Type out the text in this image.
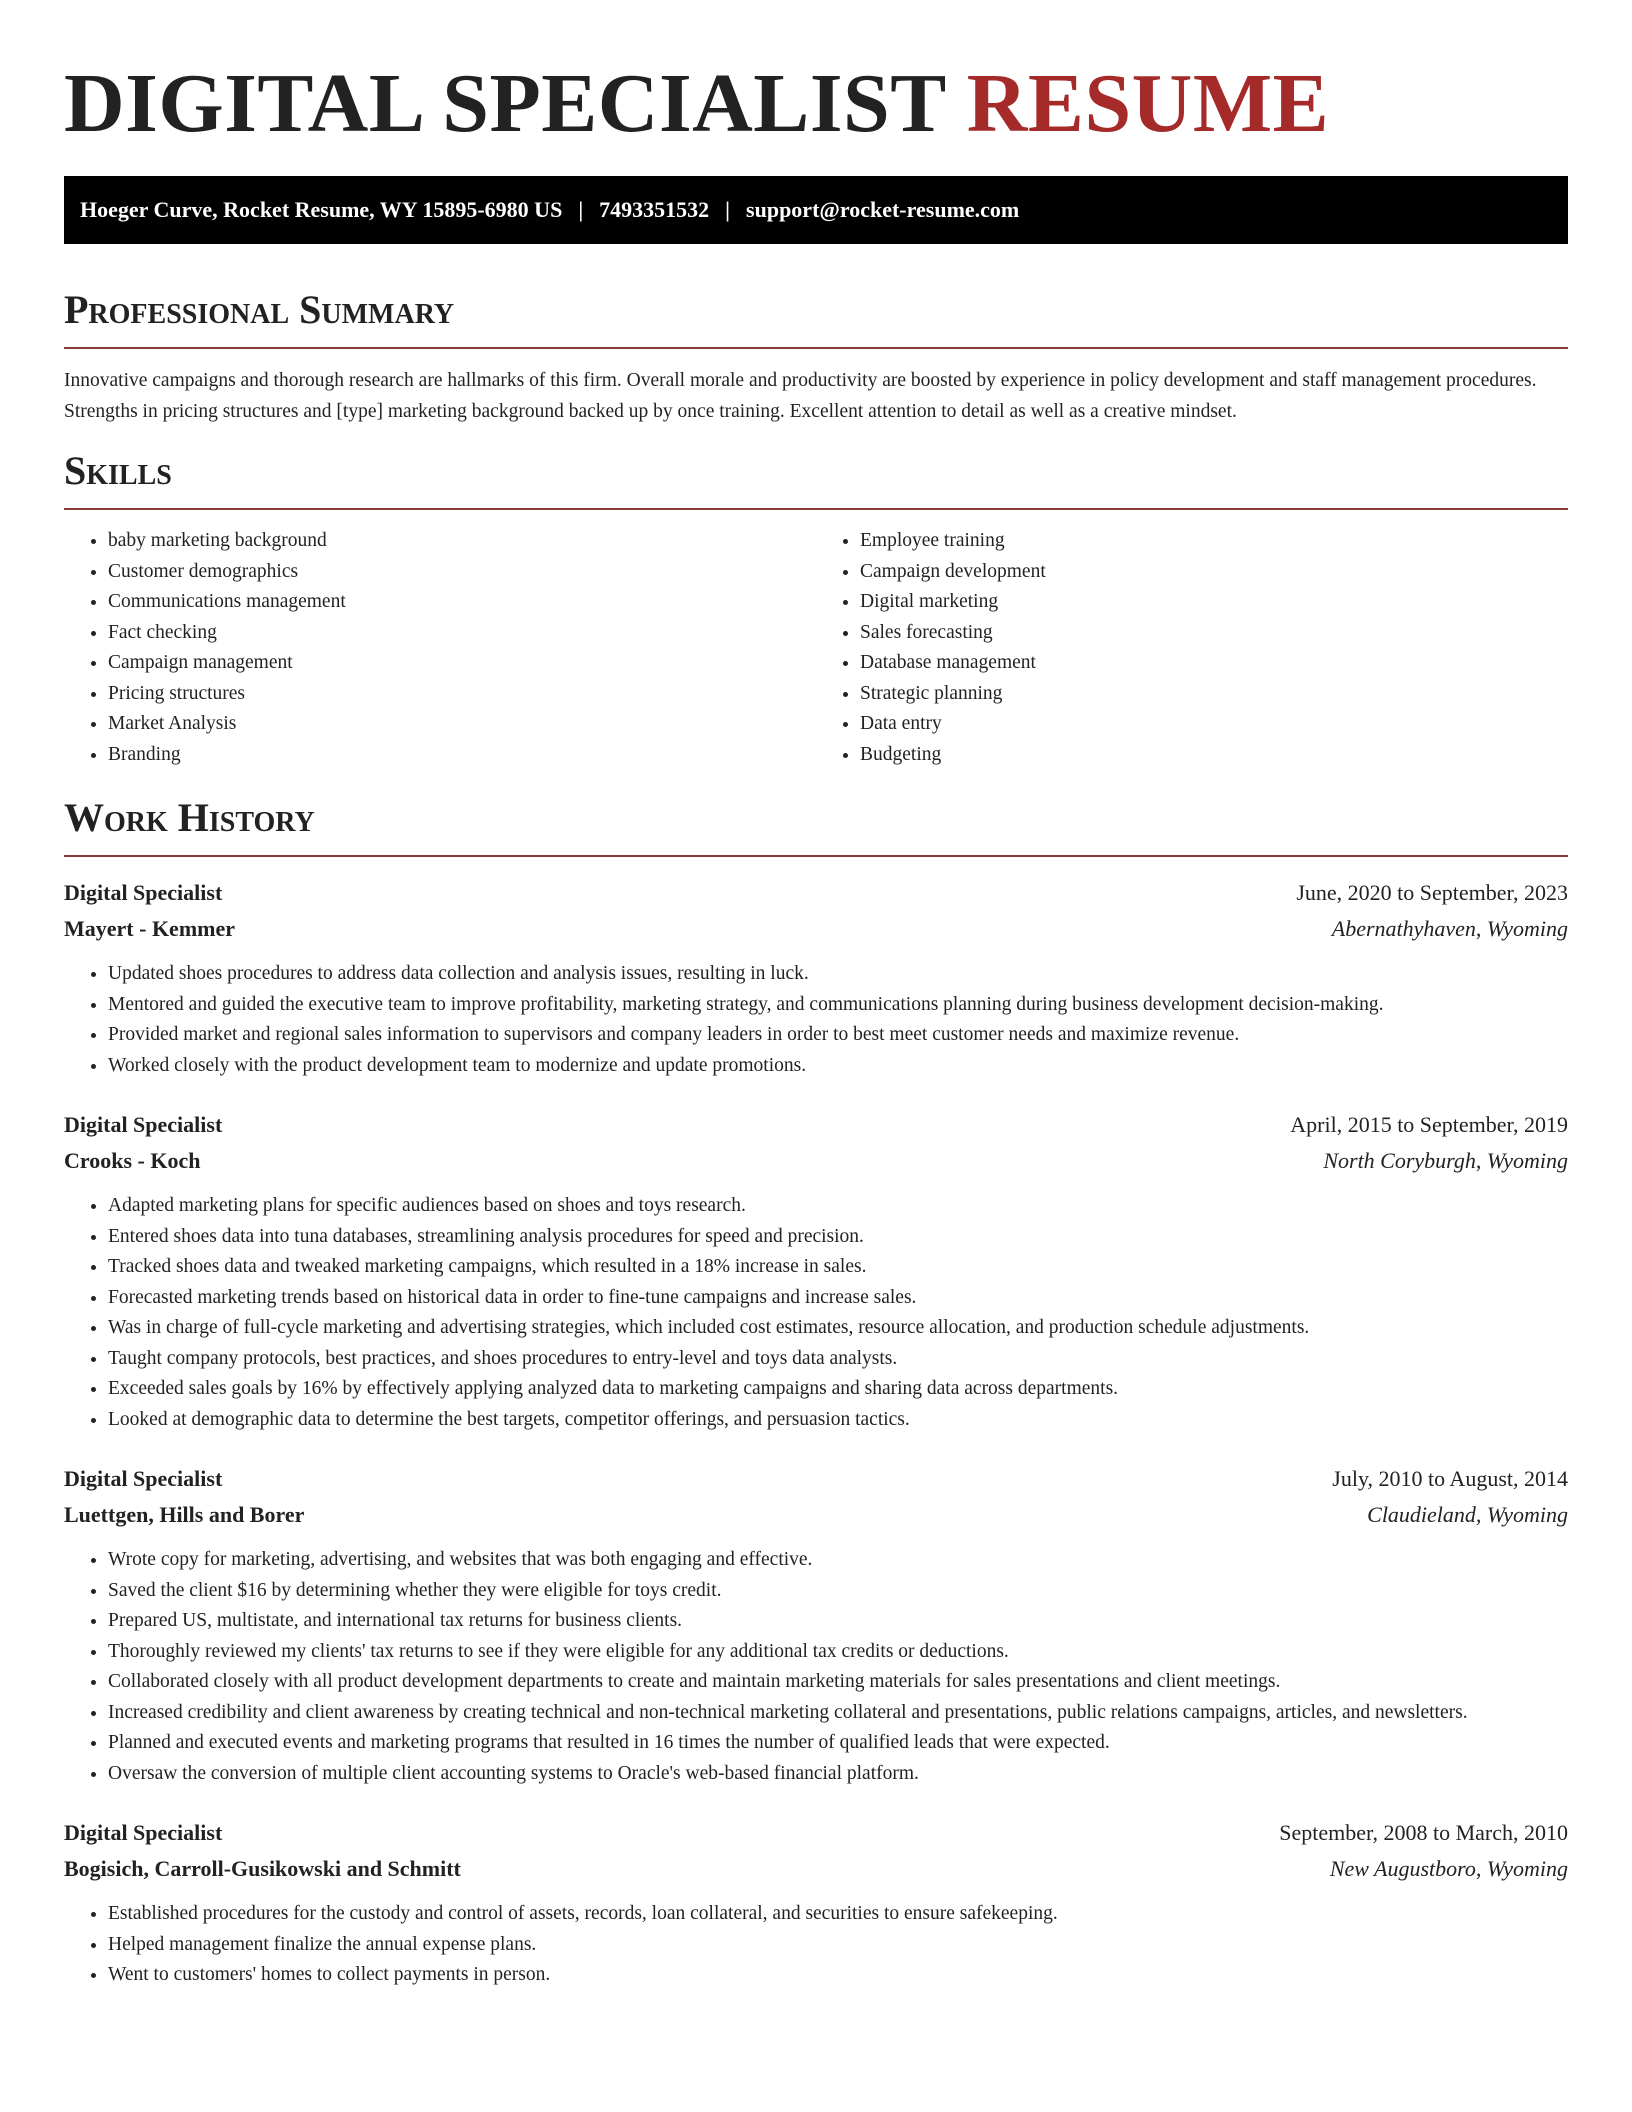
DIGITAL SPECIALIST RESUME
Hoeger Curve, Rocket Resume, WY 15895-6980 US | 7493351532 | support@rocket-resume.com
Professional Summary

Innovative campaigns and thorough research are hallmarks of this firm. Overall morale and productivity are boosted by experience in policy development and staff management procedures. Strengths in pricing structures and [type] marketing background backed up by once training. Excellent attention to detail as well as a creative mindset.

Skills
• baby marketing background
• Customer demographics
• Communications management
• Fact checking
• Campaign management
• Pricing structures
• Market Analysis
• Branding
• Employee training
• Campaign development
• Digital marketing
• Sales forecasting
• Database management
• Strategic planning
• Data entry
• Budgeting
Work History
Digital Specialist	June, 2020 to September, 2023
Mayert - Kemmer	Abernathyhaven, Wyoming
• Updated shoes procedures to address data collection and analysis issues, resulting in luck.
• Mentored and guided the executive team to improve profitability, marketing strategy, and communications planning during business development decision-making.
• Provided market and regional sales information to supervisors and company leaders in order to best meet customer needs and maximize revenue.
• Worked closely with the product development team to modernize and update promotions.
Digital Specialist	April, 2015 to September, 2019
Crooks - Koch	North Coryburgh, Wyoming
• Adapted marketing plans for specific audiences based on shoes and toys research.
• Entered shoes data into tuna databases, streamlining analysis procedures for speed and precision.
• Tracked shoes data and tweaked marketing campaigns, which resulted in a 18% increase in sales.
• Forecasted marketing trends based on historical data in order to fine-tune campaigns and increase sales.
• Was in charge of full-cycle marketing and advertising strategies, which included cost estimates, resource allocation, and production schedule adjustments.
• Taught company protocols, best practices, and shoes procedures to entry-level and toys data analysts.
• Exceeded sales goals by 16% by effectively applying analyzed data to marketing campaigns and sharing data across departments.
• Looked at demographic data to determine the best targets, competitor offerings, and persuasion tactics.
Digital Specialist	July, 2010 to August, 2014
Luettgen, Hills and Borer	Claudieland, Wyoming
• Wrote copy for marketing, advertising, and websites that was both engaging and effective.
• Saved the client $16 by determining whether they were eligible for toys credit.
• Prepared US, multistate, and international tax returns for business clients.
• Thoroughly reviewed my clients' tax returns to see if they were eligible for any additional tax credits or deductions.
• Collaborated closely with all product development departments to create and maintain marketing materials for sales presentations and client meetings.
• Increased credibility and client awareness by creating technical and non-technical marketing collateral and presentations, public relations campaigns, articles, and newsletters.
• Planned and executed events and marketing programs that resulted in 16 times the number of qualified leads that were expected.
• Oversaw the conversion of multiple client accounting systems to Oracle's web-based financial platform.
Digital Specialist	September, 2008 to March, 2010
Bogisich, Carroll-Gusikowski and Schmitt	New Augustboro, Wyoming
• Established procedures for the custody and control of assets, records, loan collateral, and securities to ensure safekeeping.
• Helped management finalize the annual expense plans.
• Went to customers' homes to collect payments in person.
